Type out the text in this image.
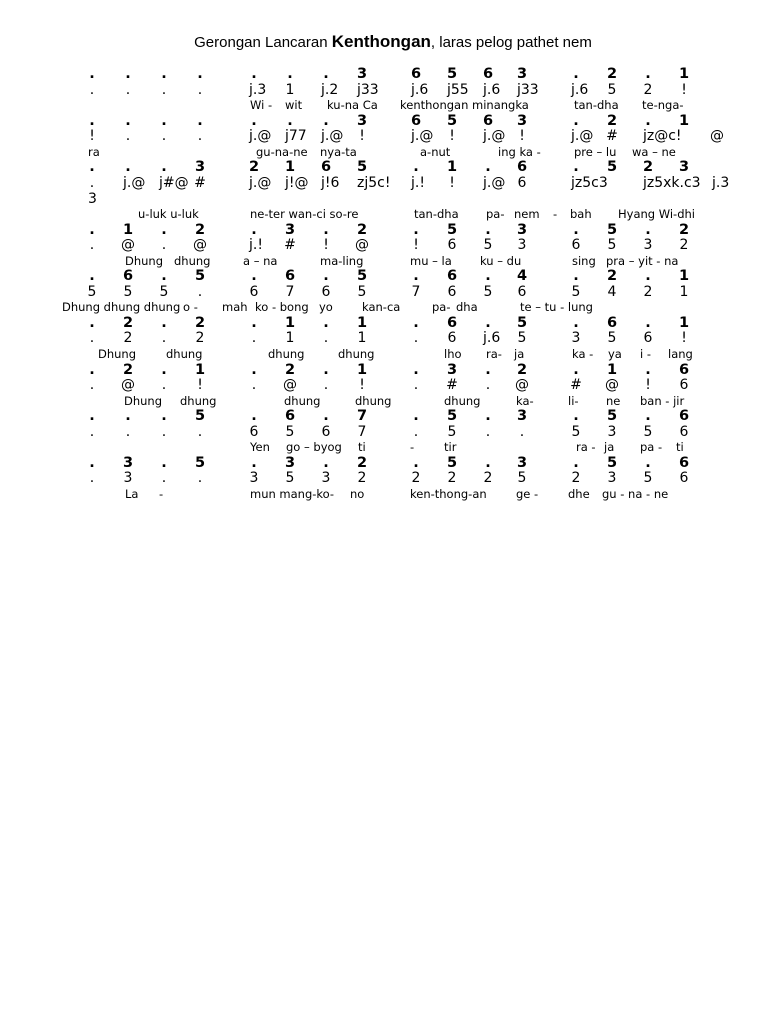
Gerongan Lancaran Kenthongan, laras pelog pathet nem
. . . .	. . . 3	6 5 6 3	. 2 . 1
. . . .	j.3 1 j.2 j33 j.6 j55 j.6 j33 j.6 5 2 !
Wi - wit ku-na Ca kenthongan minangka	tan-dha te-nga-
. . . .	. . . 3	6 5 6 3	. 2 . 1
! . . .	j.@ j77 j.@ !	j.@ ! j.@ !	j.@ # jz@c! @
ra	gu-na-ne nya-ta	a-nut	ing ka -	pre – lu wa – ne
. . . 3	2 1 6 5	. 1 . 6	. 5 2 3
. j.@ j#@ #	j.@ j!@ j!6 zj5c! j.! ! j.@ 6	jz5c3	jz5xk.c3 j.3
3
u-luk u-luk	ne-ter wan-ci so-re	tan-dha pa- nem - bah Hyang Wi-dhi
. 1 . 2	. 3 . 2	. 5 . 3	. 5 . 2
. @ . @	j.! # ! @	! 6 5 3	6 5 3 2
Dhung dhung	a – na	ma-ling	mu – la ku – du	sing pra – yit - na
. 6 . 5	. 6 . 5	. 6 . 4	. 2 . 1
5 5 5 .	6 7 6 5	7 6 5 6	5 4 2 1
Dhung dhung dhung o - mah ko - bong yo	kan-ca	pa- dha	te – tu - lung
. 2 . 2	. 1 . 1	. 6 . 5	. 6 . 1
. 2 . 2	. 1 . 1	. 6 j.6 5	3 5 6 !
Dhung	dhung	dhung	dhung	lho ra- ja	ka - ya i - lang
. 2 . 1	. 2 . 1	. 3 . 2	. 1 . 6
. @ . !	. @ . !	. # . @	# @ ! 6
Dhung dhung	dhung	dhung	dhung	ka-	li- ne ban - jir
. . . 5	. 6 . 7	. 5 . 3	. 5 . 6
. . . .	6 5 6 7	. 5 . .	5 3 5 6
Yen go – byog ti	-	tir	ra - ja pa - ti
. 3 . 5	. 3 . 2	. 5 . 3	. 5 . 6
. 3 . .	3 5 3 2	2 2 2 5	2 3 5 6
La -	mun mang-ko- no	ken-thong-an	ge -	dhe gu - na - ne
